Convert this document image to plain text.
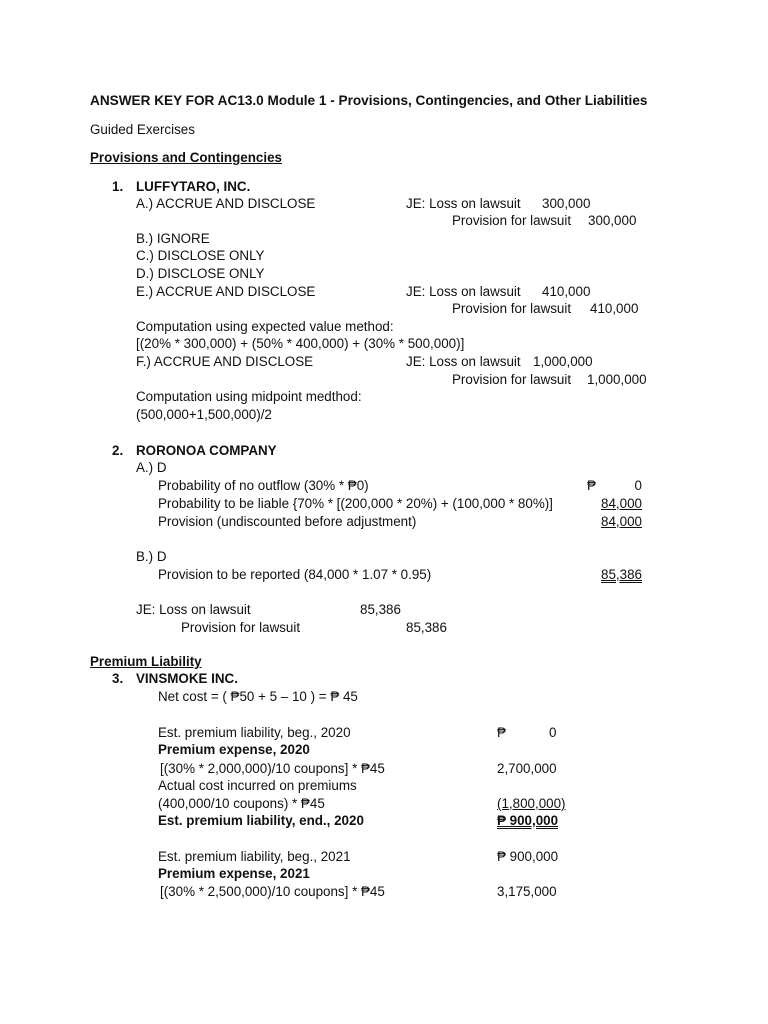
ANSWER KEY FOR AC13.0 Module 1 - Provisions, Contingencies, and Other Liabilities
Guided Exercises
Provisions and Contingencies
1. LUFFYTARO, INC.
A.) ACCRUE AND DISCLOSE	JE: Loss on lawsuit 300,000
Provision for lawsuit 300,000
B.) IGNORE
C.) DISCLOSE ONLY
D.) DISCLOSE ONLY
E.) ACCRUE AND DISCLOSE	JE: Loss on lawsuit 410,000
Provision for lawsuit 410,000
Computation using expected value method:
[(20% * 300,000) + (50% * 400,000) + (30% * 500,000)]
F.) ACCRUE AND DISCLOSE	JE: Loss on lawsuit 1,000,000
Provision for lawsuit 1,000,000
Computation using midpoint medthod:
(500,000+1,500,000)/2
2. RORONOA COMPANY
A.) D
Probability of no outflow (30% * ₱0)	₱	0
Probability to be liable {70% * [(200,000 * 20%) + (100,000 * 80%)]	84,000
Provision (undiscounted before adjustment)	84,000
B.) D
Provision to be reported (84,000 * 1.07 * 0.95)	85,386
JE: Loss on lawsuit	85,386
Provision for lawsuit	85,386
Premium Liability
3. VINSMOKE INC.
Net cost = ( ₱50 + 5 – 10 ) = ₱ 45
Est. premium liability, beg., 2020	₱	0
Premium expense, 2020
[(30% * 2,000,000)/10 coupons] * ₱45	2,700,000
Actual cost incurred on premiums
(400,000/10 coupons) * ₱45	(1,800,000)
Est. premium liability, end., 2020	₱ 900,000
Est. premium liability, beg., 2021	₱ 900,000
Premium expense, 2021
[(30% * 2,500,000)/10 coupons] * ₱45	3,175,000
